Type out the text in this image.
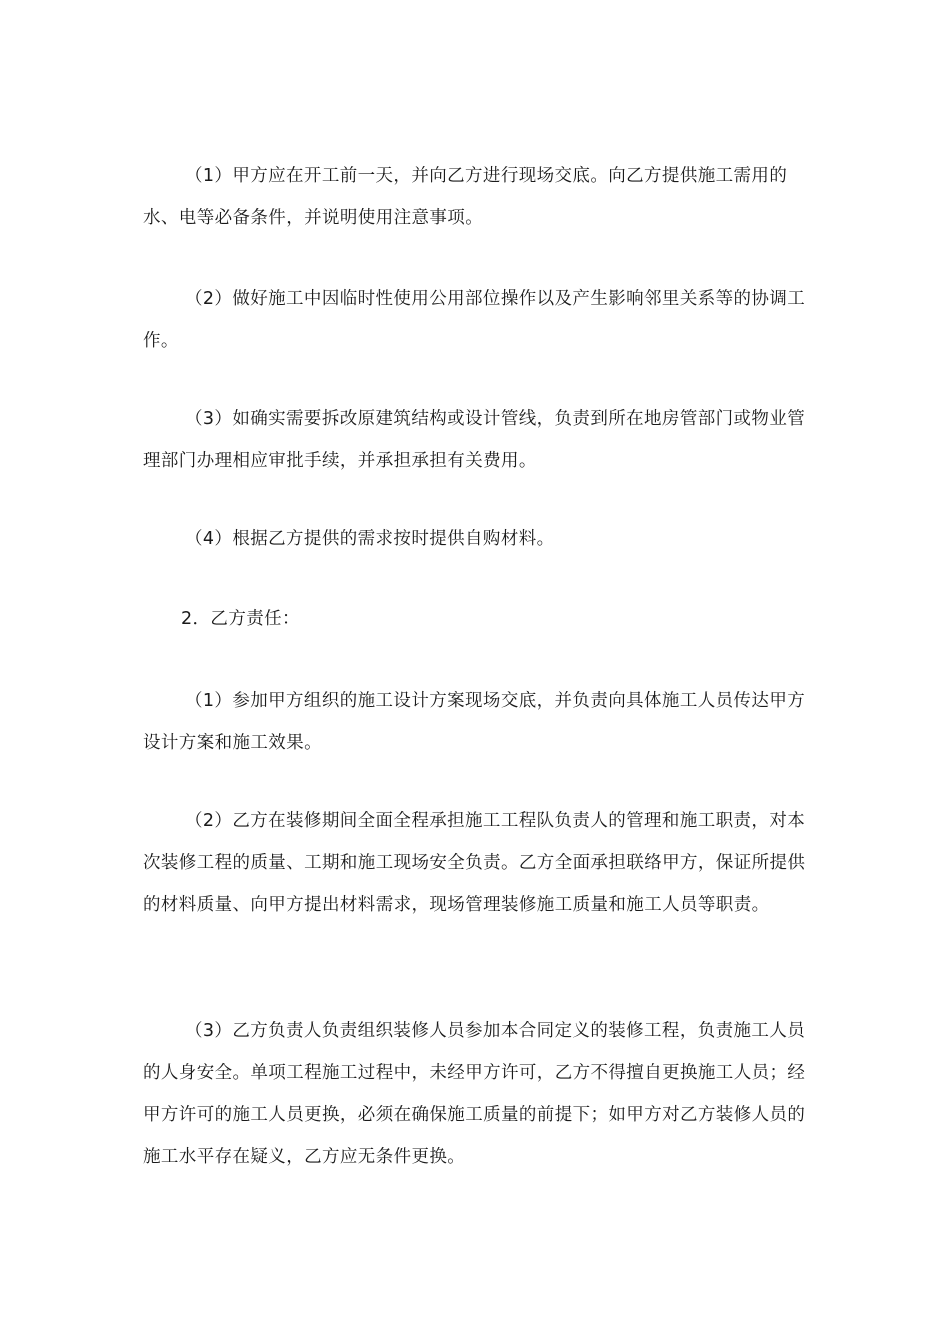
（1）甲方应在开工前一天，并向乙方进行现场交底。向乙方提供施工需用的水、电等必备条件，并说明使用注意事项。

（2）做好施工中因临时性使用公用部位操作以及产生影响邻里关系等的协调工作。

（3）如确实需要拆改原建筑结构或设计管线，负责到所在地房管部门或物业管理部门办理相应审批手续，并承担承担有关费用。

（4）根据乙方提供的需求按时提供自购材料。

2．乙方责任：

（1）参加甲方组织的施工设计方案现场交底，并负责向具体施工人员传达甲方设计方案和施工效果。

（2）乙方在装修期间全面全程承担施工工程队负责人的管理和施工职责，对本次装修工程的质量、工期和施工现场安全负责。乙方全面承担联络甲方，保证所提供的材料质量、向甲方提出材料需求，现场管理装修施工质量和施工人员等职责。

（3）乙方负责人负责组织装修人员参加本合同定义的装修工程，负责施工人员的人身安全。单项工程施工过程中，未经甲方许可，乙方不得擅自更换施工人员；经甲方许可的施工人员更换，必须在确保施工质量的前提下；如甲方对乙方装修人员的施工水平存在疑义，乙方应无条件更换。
